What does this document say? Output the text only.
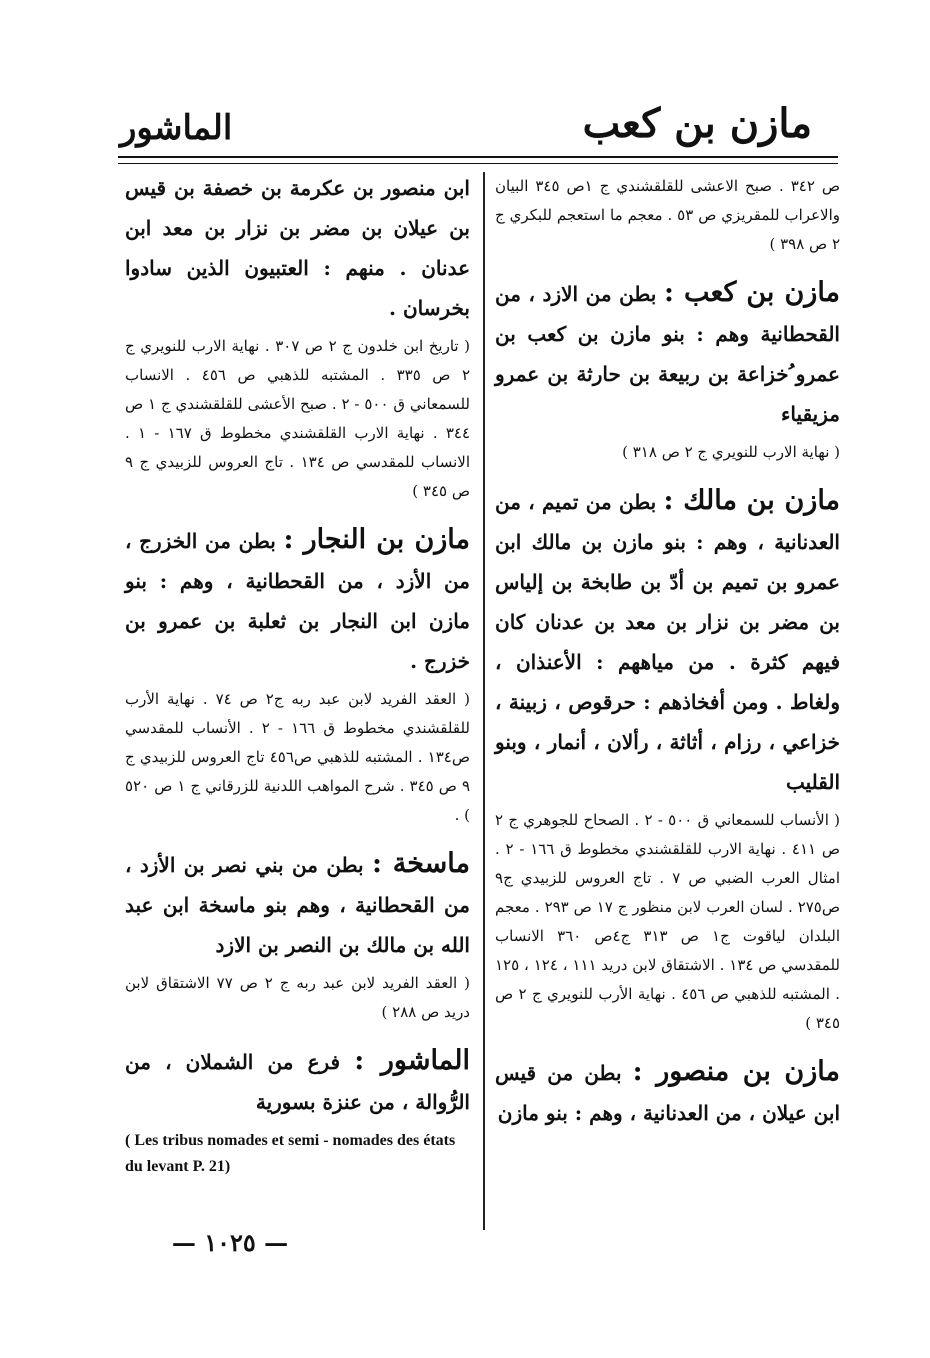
مازن بن كعب
الماشور

ص ٣٤٢ . صبح الاعشى للقلقشندي ج ١ص ٣٤٥ البيان والاعراب للمقريزي ص ٥٣ . معجم ما استعجم للبكري ج ٢ ص ٣٩٨ )

مازن بن كعب : بطن من الازد ، من القحطانية وهم : بنو مازن بن كعب بن عمرو ُخزاعة بن ربيعة بن حارثة بن عمرو مزيقياء

( نهاية الارب للنويري ج ٢ ص ٣١٨ )

مازن بن مالك : بطن من تميم ، من العدنانية ، وهم : بنو مازن بن مالك ابن عمرو بن تميم بن أدّ بن طابخة بن إلياس بن مضر بن نزار بن معد بن عدنان كان فيهم كثرة . من مياههم : الأعنذان ، ولغاط . ومن أفخاذهم : حرقوص ، زبينة ، خزاعي ، رزام ، أثاثة ، رألان ، أنمار ، وبنو القليب

( الأنساب للسمعاني ق ٥٠٠ - ٢ . الصحاح للجوهري ج ٢ ص ٤١١ . نهاية الارب للقلقشندي مخطوط ق ١٦٦ - ٢ . امثال العرب الضبي ص ٧ . تاج العروس للزبيدي ج٩ ص٢٧٥ . لسان العرب لابن منظور ج ١٧ ص ٢٩٣ . معجم البلدان لياقوت ج١ ص ٣١٣ ج٤ص ٣٦٠ الانساب للمقدسي ص ١٣٤ . الاشتقاق لابن دريد ١١١ ، ١٢٤ ، ١٢٥ . المشتبه للذهبي ص ٤٥٦ . نهاية الأرب للنويري ج ٢ ص ٣٤٥ )

مازن بن منصور : بطن من قيس ابن عيلان ، من العدنانية ، وهم : بنو مازن

ابن منصور بن عكرمة بن خصفة بن قيس بن عيلان بن مضر بن نزار بن معد ابن عدنان . منهم : العتبيون الذين سادوا بخرسان .

( تاريخ ابن خلدون ج ٢ ص ٣٠٧ . نهاية الارب للنويري ج ٢ ص ٣٣٥ . المشتبه للذهبي ص ٤٥٦ . الانساب للسمعاني ق ٥٠٠ - ٢ . صبح الأعشى للقلقشندي ج ١ ص ٣٤٤ . نهاية الارب القلقشندي مخطوط ق ١٦٧ - ١ . الانساب للمقدسي ص ١٣٤ . تاج العروس للزبيدي ج ٩ ص ٣٤٥ )

مازن بن النجار : بطن من الخزرج ، من الأزد ، من القحطانية ، وهم : بنو مازن ابن النجار بن ثعلبة بن عمرو بن خزرج .

( العقد الفريد لابن عبد ربه ج٢ ص ٧٤ . نهاية الأرب للقلقشندي مخطوط ق ١٦٦ - ٢ . الأنساب للمقدسي ص١٣٤ . المشتبه للذهبي ص٤٥٦ تاج العروس للزبيدي ج ٩ ص ٣٤٥ . شرح المواهب اللدنية للزرقاني ج ١ ص ٥٢٠ ) .

ماسخة : بطن من بني نصر بن الأزد ، من القحطانية ، وهم بنو ماسخة ابن عبد الله بن مالك بن النصر بن الازد

( العقد الفريد لابن عبد ربه ج ٢ ص ٧٧ الاشتقاق لابن دريد ص ٢٨٨ )

الماشور : فرع من الشملان ، من الرُّوالة ، من عنزة بسورية

( Les tribus nomades et semi - nomades des états du levant P. 21)

— ١٠٢٥ —
